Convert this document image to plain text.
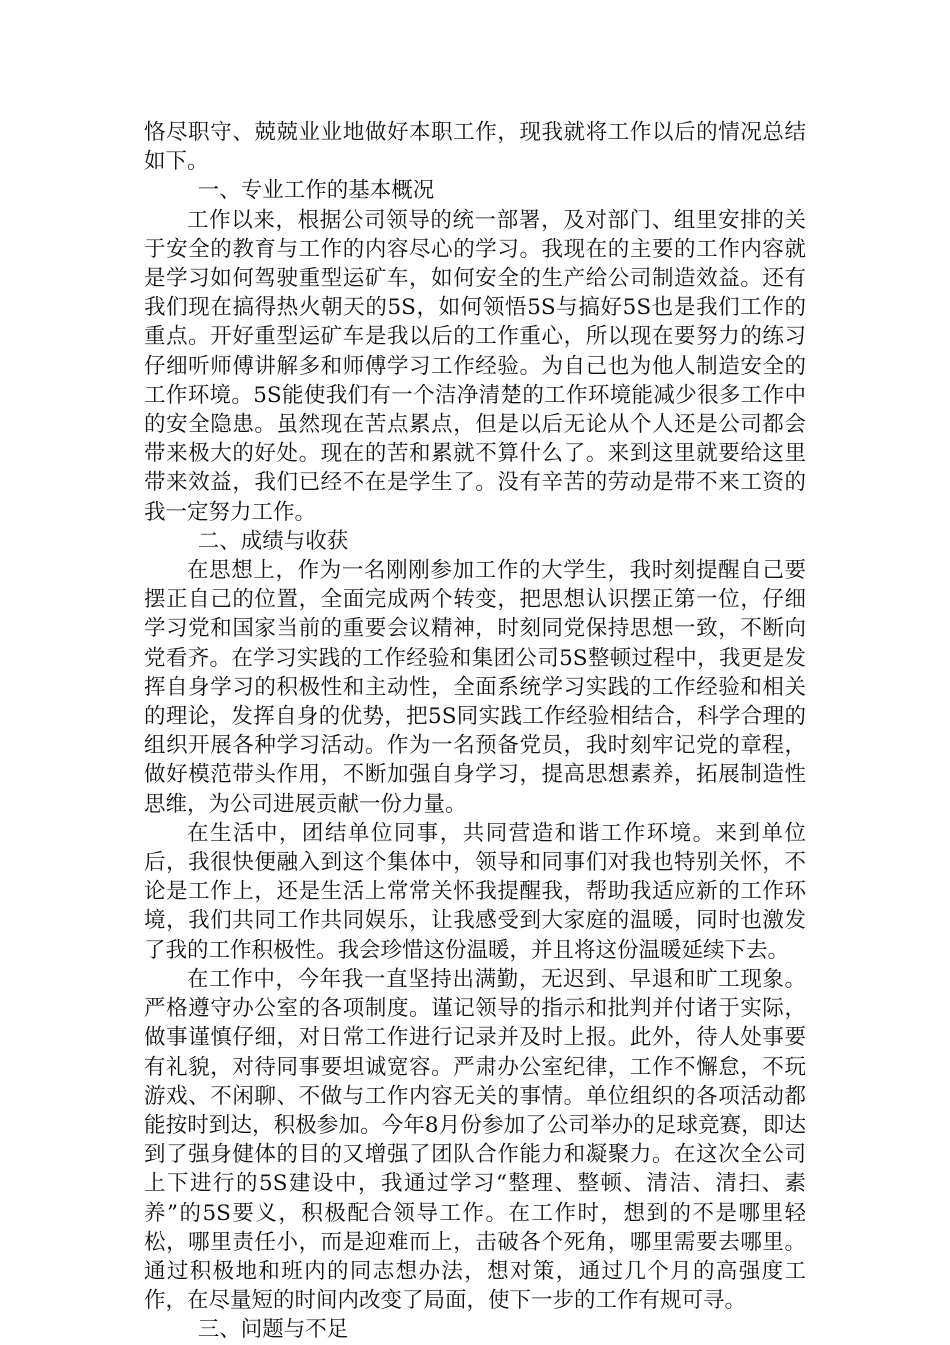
恪尽职守、兢兢业业地做好本职工作，现我就将工作以后的情况总结如下。

一、专业工作的基本概况

工作以来，根据公司领导的统一部署，及对部门、组里安排的关于安全的教育与工作的内容尽心的学习。我现在的主要的工作内容就是学习如何驾驶重型运矿车，如何安全的生产给公司制造效益。还有我们现在搞得热火朝天的5S，如何领悟5S与搞好5S也是我们工作的重点。开好重型运矿车是我以后的工作重心，所以现在要努力的练习仔细听师傅讲解多和师傅学习工作经验。为自己也为他人制造安全的工作环境。5S能使我们有一个洁净清楚的工作环境能减少很多工作中的安全隐患。虽然现在苦点累点，但是以后无论从个人还是公司都会带来极大的好处。现在的苦和累就不算什么了。来到这里就要给这里带来效益，我们已经不在是学生了。没有辛苦的劳动是带不来工资的我一定努力工作。

二、成绩与收获

在思想上，作为一名刚刚参加工作的大学生，我时刻提醒自己要摆正自己的位置，全面完成两个转变，把思想认识摆正第一位，仔细学习党和国家当前的重要会议精神，时刻同党保持思想一致，不断向党看齐。在学习实践的工作经验和集团公司5S整顿过程中，我更是发挥自身学习的积极性和主动性，全面系统学习实践的工作经验和相关的理论，发挥自身的优势，把5S同实践工作经验相结合，科学合理的组织开展各种学习活动。作为一名预备党员，我时刻牢记党的章程，做好模范带头作用，不断加强自身学习，提高思想素养，拓展制造性思维，为公司进展贡献一份力量。

在生活中，团结单位同事，共同营造和谐工作环境。来到单位后，我很快便融入到这个集体中，领导和同事们对我也特别关怀，不论是工作上，还是生活上常常关怀我提醒我，帮助我适应新的工作环境，我们共同工作共同娱乐，让我感受到大家庭的温暖，同时也激发了我的工作积极性。我会珍惜这份温暖，并且将这份温暖延续下去。

在工作中，今年我一直坚持出满勤，无迟到、早退和旷工现象。严格遵守办公室的各项制度。谨记领导的指示和批判并付诸于实际，做事谨慎仔细，对日常工作进行记录并及时上报。此外，待人处事要有礼貌，对待同事要坦诚宽容。严肃办公室纪律，工作不懈怠，不玩游戏、不闲聊、不做与工作内容无关的事情。单位组织的各项活动都能按时到达，积极参加。今年8月份参加了公司举办的足球竞赛，即达到了强身健体的目的又增强了团队合作能力和凝聚力。在这次全公司上下进行的5S建设中，我通过学习“整理、整顿、清洁、清扫、素养”的5S要义，积极配合领导工作。在工作时，想到的不是哪里轻松，哪里责任小，而是迎难而上，击破各个死角，哪里需要去哪里。通过积极地和班内的同志想办法，想对策，通过几个月的高强度工作，在尽量短的时间内改变了局面，使下一步的工作有规可寻。

三、问题与不足
